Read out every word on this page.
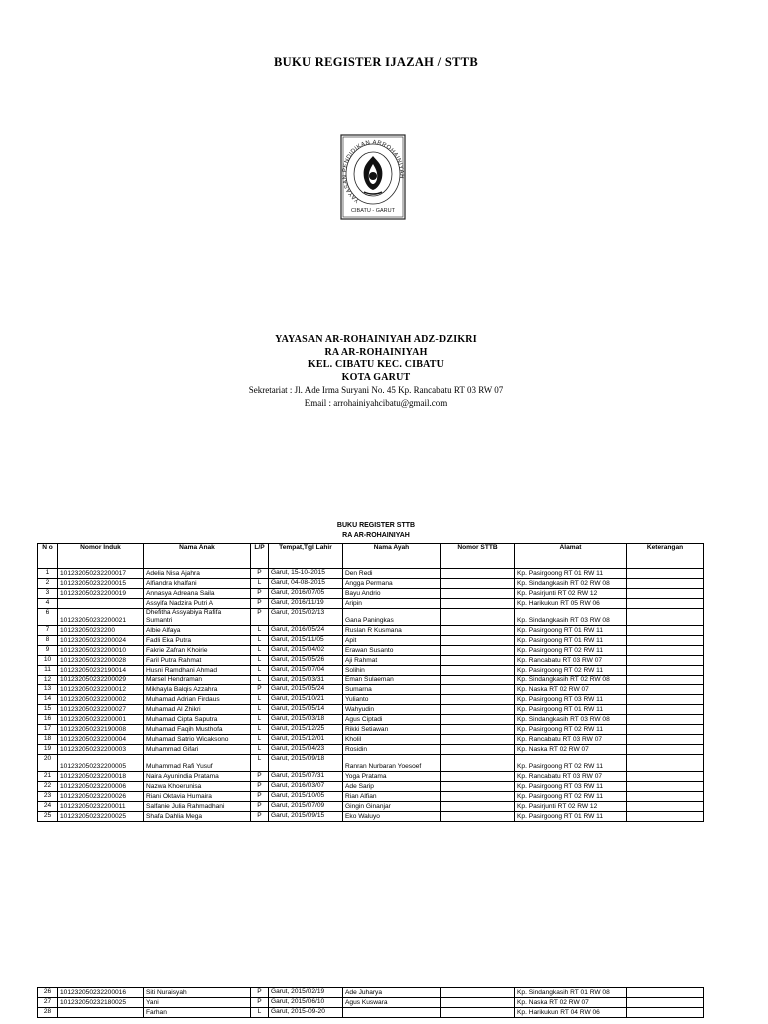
BUKU REGISTER IJAZAH / STTB
YAYASAN PENDIDIKAN ARROHAINIYAH
CIBATU - GARUT
YAYASAN AR-ROHAINIYAH ADZ-DZIKRI
RA AR-ROHAINIYAH
KEL. CIBATU KEC. CIBATU
KOTA GARUT
Sekretariat : Jl. Ade Irma Suryani No. 45 Kp. Rancabatu RT 03 RW 07
Email : arrohainiyahcibatu@gmail.com
BUKU REGISTER STTB
RA AR-ROHAINIYAH
N o	Nomor Induk	Nama Anak	L/P	Tempat,Tgl Lahir	Nama Ayah	Nomor STTB	Alamat	Keterangan
1	101232050232200017	Adelia Nisa Ajahra	P	Garut, 15-10-2015	Den Redi		Kp. Pasirgoong RT 01 RW 11	
2	101232050232200015	Alfiandra khalfani	L	Garut, 04-08-2015	Angga Permana		Kp. Sindangkasih RT 02 RW 08	
3	101232050232200019	Annasya Adreana Saila	P	Garut, 2016/07/05	Bayu Andrio		Kp. Pasirjunti RT 02 RW 12	
4		Assyifa Nadzira Putri A	P	Garut, 2016/11/19	Aripin		Kp. Harikukun RT 05 RW 06	
6	101232050232200021	Dhefitha Assyabiya Rafifa Sumantri	P	Garut, 2015/02/13	Gana Paningkas		Kp. Sindangkasih RT 03 RW 08	
7	101232050232200	Albie Alfaya	L	Garut, 2016/05/24	Ruslan R Kusmana		Kp. Pasirgoong RT 01 RW 11	
8	101232050232200024	Fadli Eka Putra	L	Garut, 2015/11/05	Apit		Kp. Pasirgoong RT 01 RW 11	
9	101232050232200010	Fakrie Zafran Khoirie	L	Garut, 2015/04/02	Erawan Susanto		Kp. Pasirgoong RT 02 RW 11	
10	101232050232200028	Faril Putra Rahmat	L	Garut, 2015/05/26	Aji Rahmat		Kp. Rancabatu RT 03 RW 07	
11	101232050232190014	Husni Ramdhani Ahmad	L	Garut, 2015/07/04	Solihin		Kp. Pasirgoong RT 02 RW 11	
12	101232050232200029	Marsel Hendraman	L	Garut, 2015/03/31	Eman Sulaeman		Kp. Sindangkasih RT 02 RW 08	
13	101232050232200012	Mikhayla Balqis Azzahra	P	Garut, 2015/05/24	Sumarna		Kp. Naska RT 02 RW 07	
14	101232050232200002	Muhamad Adrian Firdaus	L	Garut, 2015/10/21	Yulianto		Kp. Pasirgoong RT 03 RW 11	
15	101232050232200027	Muhamad Al Zhikri	L	Garut, 2015/05/14	Wahyudin		Kp. Pasirgoong RT 01 RW 11	
16	101232050232200001	Muhamad Cipta Saputra	L	Garut, 2015/03/18	Agus Ciptadi		Kp. Sindangkasih RT 03 RW 08	
17	101232050232190008	Muhamad Faqih Musthofa	L	Garut, 2015/12/25	Rikki Setiawan		Kp. Pasirgoong RT 02 RW 11	
18	101232050232200004	Muhamad Satrio Wicaksono	L	Garut, 2015/12/01	Kholil		Kp. Rancabatu RT 03 RW 07	
19	101232050232200003	Muhammad Gifari	L	Garut, 2015/04/23	Rosidin		Kp. Naska RT 02 RW 07	
20	101232050232200005	Muhammad Rafi Yusuf	L	Garut, 2015/09/18	Ranran Nurbaran Yoesoef		Kp. Pasirgoong RT 02 RW 11	
21	101232050232200018	Naira Ayunindia Pratama	P	Garut, 2015/07/31	Yoga Pratama		Kp. Rancabatu RT 03 RW 07	
22	101232050232200006	Nazwa Khoerunisa	P	Garut, 2016/03/07	Ade Sarip		Kp. Pasirgoong RT 03 RW 11	
23	101232050232200026	Riani Oktavia Humaira	P	Garut, 2015/10/05	Rian Alfian		Kp. Pasirgoong RT 02 RW 11	
24	101232050232200011	Salfanie Julia Rahmadhani	P	Garut, 2015/07/09	Gingin Ginanjar		Kp. Pasirjunti RT 02 RW 12	
25	101232050232200025	Shafa Dahlia Mega	P	Garut, 2015/09/15	Eko Waluyo		Kp. Pasirgoong RT 01 RW 11	
26	101232050232200016	Siti Nuraisyah	P	Garut, 2015/02/19	Ade Juharya		Kp. Sindangkasih RT 01 RW 08	
27	101232050232180025	Yani	P	Garut, 2015/06/10	Agus Kuswara		Kp. Naska RT 02 RW 07	
28		Farhan	L	Garut, 2015-09-20			Kp. Harikukun RT 04 RW 06	
